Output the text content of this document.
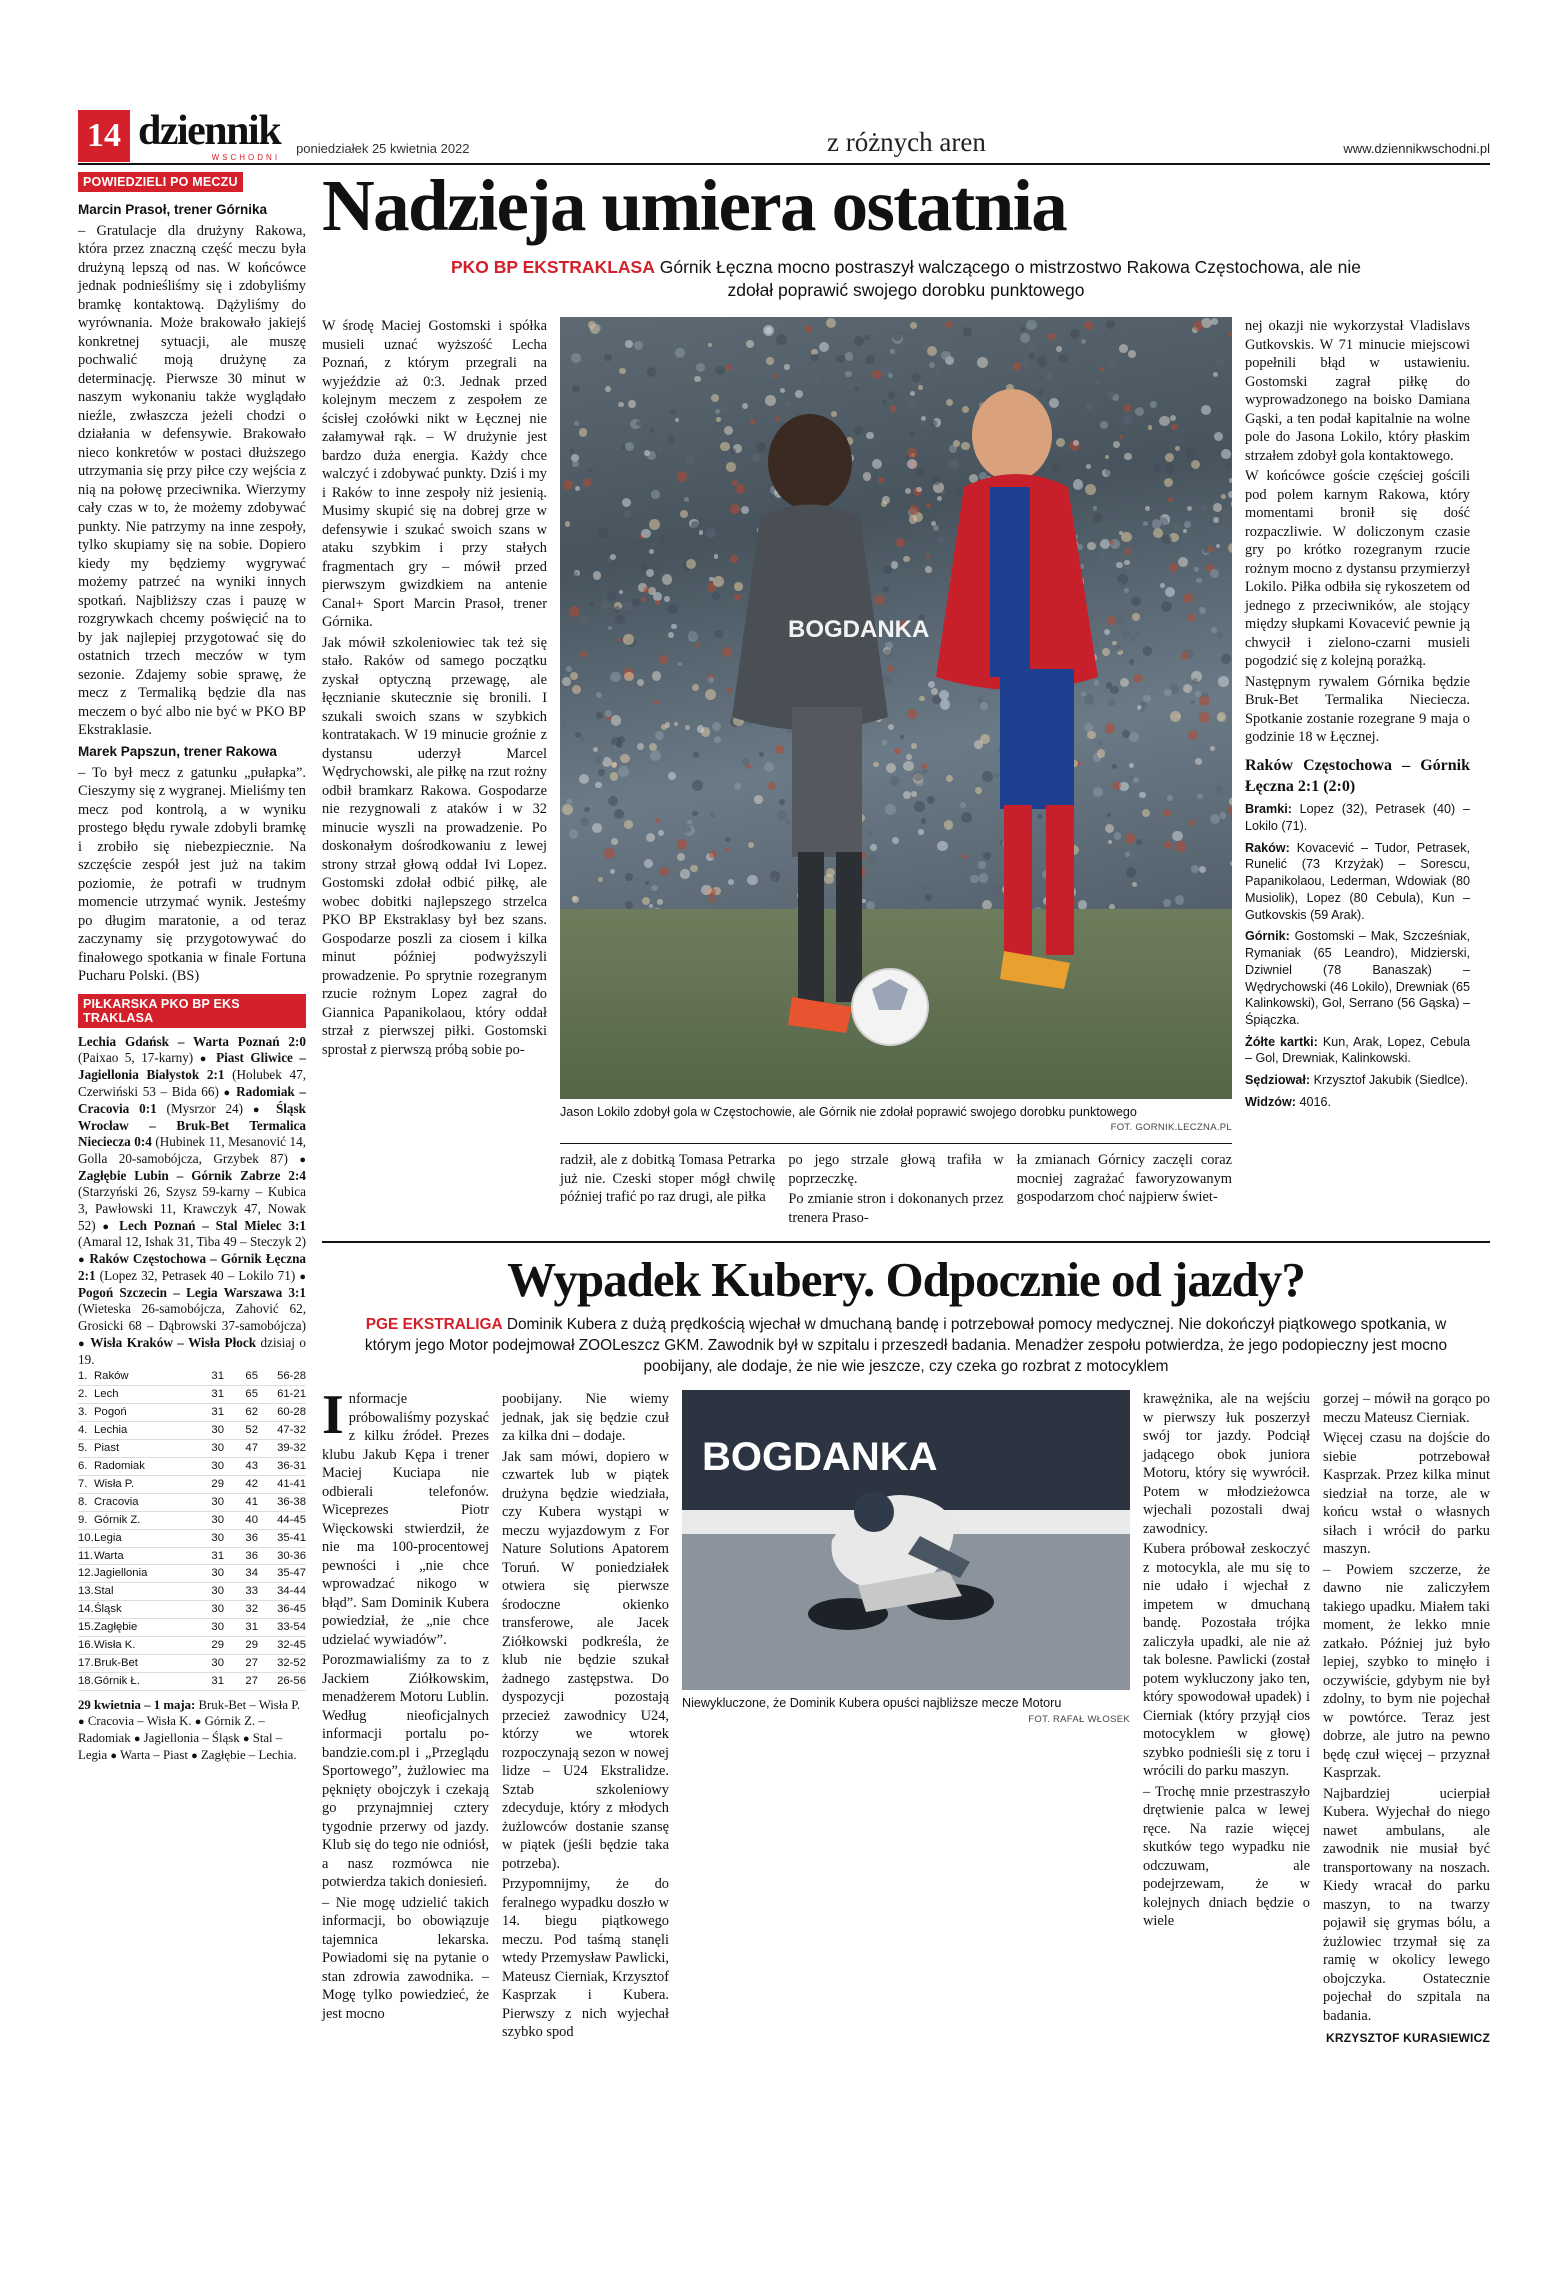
14 dziennik
WSCHODNI
poniedziałek 25 kwietnia 2022	z różnych aren	www.dziennikwschodni.pl
POWIEDZIELI PO MECZU
Marcin Prasoł, trener Górnika
– Gratulacje dla drużyny Rakowa, która przez znaczną część meczu była drużyną lepszą od nas. W końcówce jednak podnieśliśmy się i zdobyliśmy bramkę kontaktową. Dążyliśmy do wyrównania. Może brakowało jakiejś konkretnej sytuacji, ale muszę pochwalić moją drużynę za determinację. Pierwsze 30 minut w naszym wykonaniu także wyglądało nieźle, zwłaszcza jeżeli chodzi o działania w defensywie. Brakowało nieco konkretów w postaci dłuższego utrzymania się przy piłce czy wejścia z nią na połowę przeciwnika. Wierzymy cały czas w to, że możemy zdobywać punkty. Nie patrzymy na inne zespoły, tylko skupiamy się na sobie. Dopiero kiedy my będziemy wygrywać możemy patrzeć na wyniki innych spotkań. Najbliższy czas i pauzę w rozgrywkach chcemy poświęcić na to by jak najlepiej przygotować się do ostatnich trzech meczów w tym sezonie. Zdajemy sobie sprawę, że mecz z Termaliką będzie dla nas meczem o być albo nie być w PKO BP Ekstraklasie.
Marek Papszun, trener Rakowa
– To był mecz z gatunku „pułapka”. Cieszymy się z wygranej. Mieliśmy ten mecz pod kontrolą, a w wyniku prostego błędu rywale zdobyli bramkę i zrobiło się niebezpiecznie. Na szczęście zespół jest już na takim poziomie, że potrafi w trudnym momencie utrzymać wynik. Jesteśmy po długim maratonie, a od teraz zaczynamy się przygotowywać do finałowego spotkania w finale Fortuna Pucharu Polski. (BS)
PIŁKARSKA PKO BP EKS TRAKLASA
Lechia Gdańsk – Warta Poznań 2:0 (Paixao 5, 17-karny) ● Piast Gliwice – Jagiellonia Białystok 2:1 (Holubek 47, Czerwiński 53 – Bida 66) ● Radomiak – Cracovia 0:1 (Mysrzor 24) ● Śląsk Wrocław – Bruk-Bet Termalica Nieciecza 0:4 (Hubinek 11, Mesanović 14, Golla 20-samobójcza, Grzybek 87) ● Zagłębie Lubin – Górnik Zabrze 2:4 (Starzyński 26, Szysz 59-karny – Kubica 3, Pawłowski 11, Krawczyk 47, Nowak 52) ● Lech Poznań – Stal Mielec 3:1 (Amaral 12, Ishak 31, Tiba 49 – Steczyk 2) ● Raków Częstochowa – Górnik Łęczna 2:1 (Lopez 32, Petrasek 40 – Lokilo 71) ● Pogoń Szczecin – Legia Warszawa 3:1 (Wieteska 26-samobójcza, Zahović 62, Grosicki 68 – Dąbrowski 37-samobójcza) ● Wisła Kraków – Wisła Płock dzisiaj o 19.
1. Raków	31	65	56-28
2. Lech	31	65	61-21
3. Pogoń	31	62	60-28
4. Lechia	30	52	47-32
5. Piast	30	47	39-32
6. Radomiak	30	43	36-31
7. Wisła P.	29	42	41-41
8. Cracovia	30	41	36-38
9. Górnik Z.	30	40	44-45
10. Legia	30	36	35-41
11. Warta	31	36	30-36
12. Jagiellonia	30	34	35-47
13. Stal	30	33	34-44
14. Śląsk	30	32	36-45
15. Zagłębie	30	31	33-54
16. Wisła K.	29	29	32-45
17. Bruk-Bet	30	27	32-52
18. Górnik Ł.	31	27	26-56
29 kwietnia – 1 maja: Bruk-Bet – Wisła P. ● Cracovia – Wisła K. ● Górnik Z. – Radomiak ● Jagiellonia – Śląsk ● Stal – Legia ● Warta – Piast ● Zagłębie – Lechia.
Nadzieja umiera ostatnia
PKO BP EKSTRAKLASA Górnik Łęczna mocno postraszył walczącego o mistrzostwo Rakowa Częstochowa, ale nie zdołał poprawić swojego dorobku punktowego

W środę Maciej Gostomski i spółka musieli uznać wyższość Lecha Poznań, z którym przegrali na wyjeździe aż 0:3. Jednak przed kolejnym meczem z zespołem ze ścisłej czołówki nikt w Łęcznej nie załamywał rąk. – W drużynie jest bardzo duża energia. Każdy chce walczyć i zdobywać punkty. Dziś i my i Raków to inne zespoły niż jesienią. Musimy skupić się na dobrej grze w defensywie i szukać swoich szans w ataku szybkim i przy stałych fragmentach gry – mówił przed pierwszym gwizdkiem na antenie Canal+ Sport Marcin Prasoł, trener Górnika.

Jak mówił szkoleniowiec tak też się stało. Raków od samego początku zyskał optyczną przewagę, ale łęcznianie skutecznie się bronili. I szukali swoich szans w szybkich kontratakach. W 19 minucie groźnie z dystansu uderzył Marcel Wędrychowski, ale piłkę na rzut rożny odbił bramkarz Rakowa. Gospodarze nie rezygnowali z ataków i w 32 minucie wyszli na prowadzenie. Po doskonałym dośrodkowaniu z lewej strony strzał głową oddał Ivi Lopez. Gostomski zdołał odbić piłkę, ale wobec dobitki najlepszego strzelca PKO BP Ekstraklasy był bez szans. Gospodarze poszli za ciosem i kilka minut później podwyższyli prowadzenie. Po sprytnie rozegranym rzucie rożnym Lopez zagrał do Gianniса Papanikolaou, który oddał strzał z pierwszej piłki. Gostomski sprostał z pierwszą próbą sobie po-

BOGDANKA
Jason Lokilo zdobył gola w Częstochowie, ale Górnik nie zdołał poprawić swojego dorobku punktowego
FOT. GORNIK.LECZNA.PL

radził, ale z dobitką Tomasa Petrarka już nie. Czeski stoper mógł chwilę później trafić po raz drugi, ale piłka

po jego strzale głową trafiła w poprzeczkę.

Po zmianie stron i dokonanych przez trenera Praso-

ła zmianach Górnicy zaczęli coraz mocniej zagrażać faworyzowanym gospodarzom choć najpierw świet-

nej okazji nie wykorzystał Vladislavs Gutkovskis. W 71 minucie miejscowi popełnili błąd w ustawieniu. Gostomski zagrał piłkę do wyprowadzonego na boisko Damiana Gąski, a ten podał kapitalnie na wolne pole do Jasona Lokilo, który płaskim strzałem zdobył gola kontaktowego.

W końcówce goście częściej gościli pod polem karnym Rakowa, który momentami bronił się dość rozpaczliwie. W doliczonym czasie gry po krótko rozegranym rzucie rożnym mocno z dystansu przymierzył Lokilo. Piłka odbiła się rykoszetem od jednego z przeciwników, ale stojący między słupkami Kovacević pewnie ją chwycił i zielono-czarni musieli pogodzić się z kolejną porażką.

Następnym rywalem Górnika będzie Bruk-Bet Termalika Nieciecza. Spotkanie zostanie rozegrane 9 maja o godzinie 18 w Łęcznej.

Raków Częstochowa – Górnik Łęczna 2:1 (2:0)

Bramki: Lopez (32), Petrasek (40) – Lokilo (71).

Raków: Kovacević – Tudor, Petrasek, Runelić (73 Krzyżak) – Sorescu, Papanikolaou, Lederman, Wdowiak (80 Musiolik), Lopez (80 Cebula), Kun – Gutkovskis (59 Arak).

Górnik: Gostomski – Mak, Szcześniak, Rymaniak (65 Leandro), Midzierski, Dziwniel (78 Banaszak) – Wędrychowski (46 Lokilo), Drewniak (65 Kalinkowski), Gol, Serrano (56 Gąska) – Śpiączka.

Żółte kartki: Kun, Arak, Lopez, Cebula – Gol, Drewniak, Kalinkowski.

Sędziował: Krzysztof Jakubik (Siedlce).

Widzów: 4016.

Wypadek Kubery. Odpocznie od jazdy?
PGE EKSTRALIGA Dominik Kubera z dużą prędkością wjechał w dmuchaną bandę i potrzebował pomocy medycznej. Nie dokończył piątkowego spotkania, w którym jego Motor podejmował ZOOLeszcz GKM. Zawodnik był w szpitalu i przeszedł badania. Menadżer zespołu potwierdza, że jego podopieczny jest mocno poobijany, ale dodaje, że nie wie jeszcze, czy czeka go rozbrat z motocyklem

Informacje próbowaliśmy pozyskać z kilku źródeł. Prezes klubu Jakub Kępa i trener Maciej Kuciapa nie odbierali telefonów. Wiceprezes Piotr Więckowski stwierdził, że nie ma 100-procentowej pewności i „nie chce wprowadzać nikogo w błąd”. Sam Dominik Kubera powiedział, że „nie chce udzielać wywiadów”.

Porozmawialiśmy za to z Jackiem Ziółkowskim, menadżerem Motoru Lublin. Według nieoficjalnych informacji portalu po-bandzie.com.pl i „Przeglądu Sportowego”, żużlowiec ma pęknięty obojczyk i czekają go przynajmniej cztery tygodnie przerwy od jazdy. Klub się do tego nie odniósł, a nasz rozmówca nie potwierdza takich doniesień.

– Nie mogę udzielić takich informacji, bo obowiązuje tajemnica lekarska. Powiadomi się na pytanie o stan zdrowia zawodnika. – Mogę tylko powiedzieć, że jest mocno

poobijany. Nie wiemy jednak, jak się będzie czuł za kilka dni – dodaje.

Jak sam mówi, dopiero w czwartek lub w piątek drużyna będzie wiedziała, czy Kubera wystąpi w meczu wyjazdowym z For Nature Solutions Apatorem Toruń. W poniedziałek otwiera się pierwsze środoczne okienko transferowe, ale Jacek Ziółkowski podkreśla, że klub nie będzie szukał żadnego zastępstwa. Do dyspozycji pozostają przecież zawodnicy U24, którzy we wtorek rozpoczynają sezon w nowej lidze – U24 Ekstralidze. Sztab szkoleniowy zdecyduje, który z młodych żużlowców dostanie szansę w piątek (jeśli będzie taka potrzeba).

Przypomnijmy, że do feralnego wypadku doszło w 14. biegu piątkowego meczu. Pod taśmą stanęli wtedy Przemysław Pawlicki, Mateusz Cierniak, Krzysztof Kasprzak i Kubera. Pierwszy z nich wyjechał szybko spod

BOGDANKA
Niewykluczone, że Dominik Kubera opuści najbliższe mecze Motoru
FOT. RAFAŁ WŁOSEK

krawężnika, ale na wejściu w pierwszy łuk poszerzył swój tor jazdy. Podciął jadącego obok juniora Motoru, który się wywrócił. Potem w młodzieżowca wjechali pozostali dwaj zawodnicy.

Kubera próbował zeskoczyć z motocykla, ale mu się to nie udało i wjechał z impetem w dmuchaną bandę. Pozostała trójka zaliczyła upadki, ale nie aż tak bolesne. Pawlicki (został potem wykluczony jako ten, który spowodował upadek) i Cierniak (który przyjął cios motocyklem w głowę) szybko podnieśli się z toru i wrócili do parku maszyn.

– Trochę mnie przestraszyło drętwienie palca w lewej ręce. Na razie więcej skutków tego wypadku nie odczuwam, ale podejrzewam, że w kolejnych dniach będzie o wiele

gorzej – mówił na gorąco po meczu Mateusz Cierniak.

Więcej czasu na dojście do siebie potrzebował Kasprzak. Przez kilka minut siedział na torze, ale w końcu wstał o własnych siłach i wrócił do parku maszyn.

– Powiem szczerze, że dawno nie zaliczyłem takiego upadku. Miałem taki moment, że lekko mnie zatkało. Później już było lepiej, szybko to minęło i oczywiście, gdybym nie był zdolny, to bym nie pojechał w powtórce. Teraz jest dobrze, ale jutro na pewno będę czuł więcej – przyznał Kasprzak.

Najbardziej ucierpiał Kubera. Wyjechał do niego nawet ambulans, ale zawodnik nie musiał być transportowany na noszach. Kiedy wracał do parku maszyn, to na twarzy pojawił się grymas bólu, a żużlowiec trzymał się za ramię w okolicy lewego obojczyka. Ostatecznie pojechał do szpitala na badania.

KRZYSZTOF KURASIEWICZ
